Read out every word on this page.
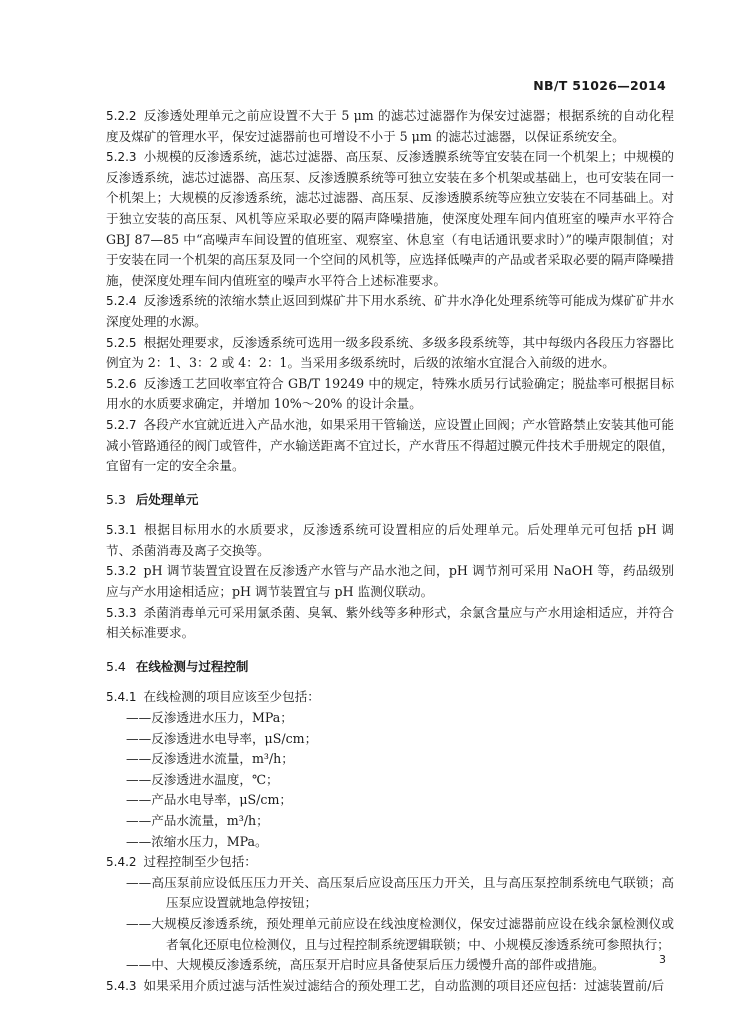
NB/T 51026—2014

5.2.2 反渗透处理单元之前应设置不大于 5 μm 的滤芯过滤器作为保安过滤器；根据系统的自动化程度及煤矿的管理水平，保安过滤器前也可增设不小于 5 μm 的滤芯过滤器，以保证系统安全。

5.2.3 小规模的反渗透系统，滤芯过滤器、高压泵、反渗透膜系统等宜安装在同一个机架上；中规模的反渗透系统，滤芯过滤器、高压泵、反渗透膜系统等可独立安装在多个机架或基础上，也可安装在同一个机架上；大规模的反渗透系统，滤芯过滤器、高压泵、反渗透膜系统等应独立安装在不同基础上。对于独立安装的高压泵、风机等应采取必要的隔声降噪措施，使深度处理车间内值班室的噪声水平符合 GBJ 87—85 中“高噪声车间设置的值班室、观察室、休息室（有电话通讯要求时）”的噪声限制值；对于安装在同一个机架的高压泵及同一个空间的风机等，应选择低噪声的产品或者采取必要的隔声降噪措施，使深度处理车间内值班室的噪声水平符合上述标准要求。

5.2.4 反渗透系统的浓缩水禁止返回到煤矿井下用水系统、矿井水净化处理系统等可能成为煤矿矿井水深度处理的水源。

5.2.5 根据处理要求，反渗透系统可选用一级多段系统、多级多段系统等，其中每级内各段压力容器比例宜为 2：1、3：2 或 4：2：1。当采用多级系统时，后级的浓缩水宜混合入前级的进水。

5.2.6 反渗透工艺回收率宜符合 GB/T 19249 中的规定，特殊水质另行试验确定；脱盐率可根据目标用水的水质要求确定，并增加 10%～20% 的设计余量。

5.2.7 各段产水宜就近进入产品水池，如果采用干管输送，应设置止回阀；产水管路禁止安装其他可能减小管路通径的阀门或管件，产水输送距离不宜过长，产水背压不得超过膜元件技术手册规定的限值，宜留有一定的安全余量。

5.3 后处理单元

5.3.1 根据目标用水的水质要求，反渗透系统可设置相应的后处理单元。后处理单元可包括 pH 调节、杀菌消毒及离子交换等。

5.3.2 pH 调节装置宜设置在反渗透产水管与产品水池之间，pH 调节剂可采用 NaOH 等，药品级别应与产水用途相适应；pH 调节装置宜与 pH 监测仪联动。

5.3.3 杀菌消毒单元可采用氯杀菌、臭氧、紫外线等多种形式，余氯含量应与产水用途相适应，并符合相关标准要求。

5.4 在线检测与过程控制

5.4.1 在线检测的项目应该至少包括：

——反渗透进水压力，MPa；

——反渗透进水电导率，μS/cm；

——反渗透进水流量，m³/h；

——反渗透进水温度，℃；

——产品水电导率，μS/cm；

——产品水流量，m³/h；

——浓缩水压力，MPa。

5.4.2 过程控制至少包括：

——高压泵前应设低压压力开关、高压泵后应设高压压力开关，且与高压泵控制系统电气联锁；高压泵应设置就地急停按钮；

——大规模反渗透系统，预处理单元前应设在线浊度检测仪，保安过滤器前应设在线余氯检测仪或者氧化还原电位检测仪，且与过程控制系统逻辑联锁；中、小规模反渗透系统可参照执行；

——中、大规模反渗透系统，高压泵开启时应具备使泵后压力缓慢升高的部件或措施。

5.4.3 如果采用介质过滤与活性炭过滤结合的预处理工艺，自动监测的项目还应包括：过滤装置前/后

3
